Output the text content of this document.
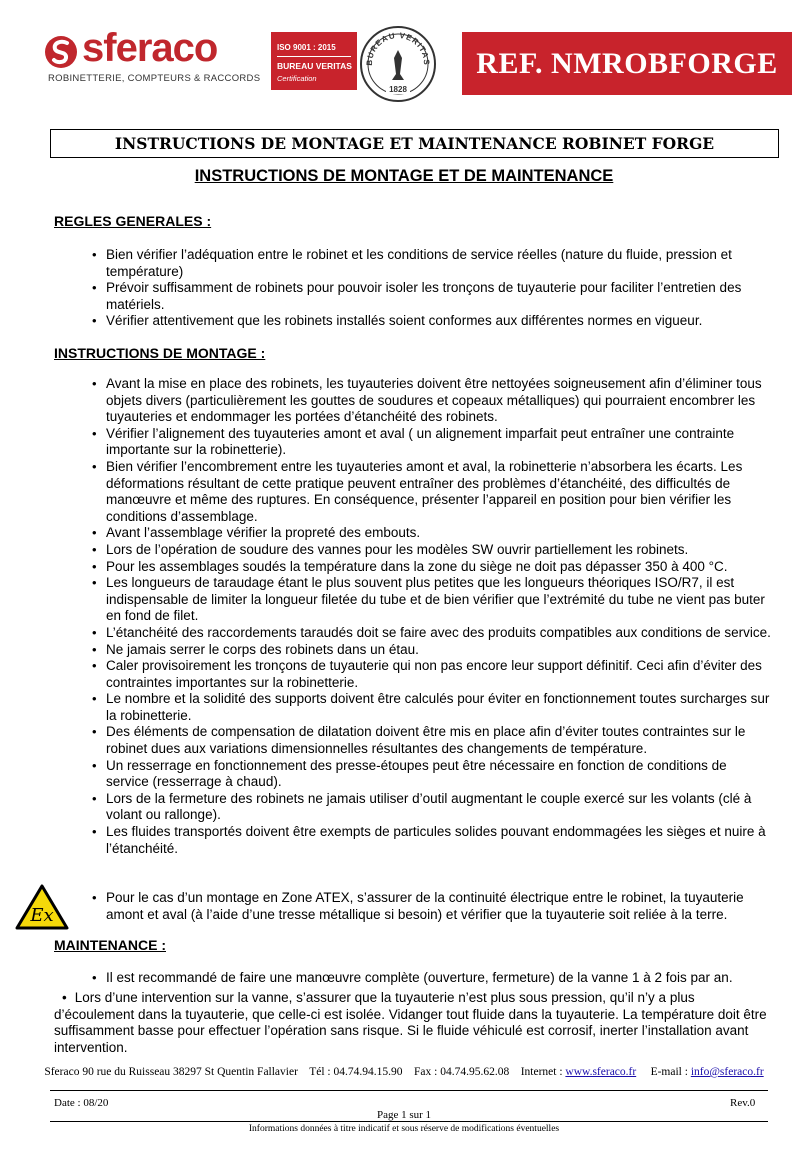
sferaco
ROBINETTERIE, COMPTEURS & RACCORDS
ISO 9001 : 2015
BUREAU VERITAS
Certification
BUREAU VERITAS
1828
REF. NMROBFORGE
INSTRUCTIONS DE MONTAGE ET MAINTENANCE ROBINET FORGE
INSTRUCTIONS DE MONTAGE ET DE MAINTENANCE
REGLES GENERALES :
• Bien vérifier l’adéquation entre le robinet et les conditions de service réelles (nature du fluide, pression et température)
• Prévoir suffisamment de robinets pour pouvoir isoler les tronçons de tuyauterie pour faciliter l’entretien des matériels.
• Vérifier attentivement que les robinets installés soient conformes aux différentes normes en vigueur.
INSTRUCTIONS DE MONTAGE :
• Avant la mise en place des robinets, les tuyauteries doivent être nettoyées soigneusement afin d’éliminer tous objets divers (particulièrement les gouttes de soudures et copeaux métalliques) qui pourraient encombrer les tuyauteries et endommager les portées d’étanchéité des robinets.
• Vérifier l’alignement des tuyauteries amont et aval ( un alignement imparfait peut entraîner une contrainte importante sur la robinetterie).
• Bien vérifier l’encombrement entre les tuyauteries amont et aval, la robinetterie n’absorbera les écarts. Les déformations résultant de cette pratique peuvent entraîner des problèmes d’étanchéité, des difficultés de manœuvre et même des ruptures. En conséquence, présenter l’appareil en position pour bien vérifier les conditions d’assemblage.
• Avant l’assemblage vérifier la propreté des embouts.
• Lors de l’opération de soudure des vannes pour les modèles SW ouvrir partiellement les robinets.
• Pour les assemblages soudés la température dans la zone du siège ne doit pas dépasser 350 à 400 °C.
• Les longueurs de taraudage étant le plus souvent plus petites que les longueurs théoriques ISO/R7, il est indispensable de limiter la longueur filetée du tube et de bien vérifier que l’extrémité du tube ne vient pas buter en fond de filet.
• L’étanchéité des raccordements taraudés doit se faire avec des produits compatibles aux conditions de service.
• Ne jamais serrer le corps des robinets dans un étau.
• Caler provisoirement les tronçons de tuyauterie qui non pas encore leur support définitif. Ceci afin d’éviter des contraintes importantes sur la robinetterie.
• Le nombre et la solidité des supports doivent être calculés pour éviter en fonctionnement toutes surcharges sur la robinetterie.
• Des éléments de compensation de dilatation doivent être mis en place afin d’éviter toutes contraintes sur le robinet dues aux variations dimensionnelles résultantes des changements de température.
• Un resserrage en fonctionnement des presse-étoupes peut être nécessaire en fonction de conditions de service (resserrage à chaud).
• Lors de la fermeture des robinets ne jamais utiliser d’outil augmentant le couple exercé sur les volants (clé à volant ou rallonge).
• Les fluides transportés doivent être exempts de particules solides pouvant endommagées les sièges et nuire à l’étanchéité.
Ex
• Pour le cas d’un montage en Zone ATEX, s’assurer de la continuité électrique entre le robinet, la tuyauterie amont et aval (à l’aide d’une tresse métallique si besoin) et vérifier que la tuyauterie soit reliée à la terre.
MAINTENANCE :
• Il est recommandé de faire une manœuvre complète (ouverture, fermeture) de la vanne 1 à 2 fois par an.
• Lors d’une intervention sur la vanne, s’assurer que la tuyauterie n’est plus sous pression, qu’il n’y a plus d’écoulement dans la tuyauterie, que celle-ci est isolée. Vidanger tout fluide dans la tuyauterie. La température doit être suffisamment basse pour effectuer l’opération sans risque. Si le fluide véhiculé est corrosif, inerter l’installation avant intervention.
Sferaco 90 rue du Ruisseau 38297 St Quentin Fallavier Tél : 04.74.94.15.90 Fax : 04.74.95.62.08 Internet : www.sferaco.fr E-mail : info@sferaco.fr
Date : 08/20	Rev.0
Page 1 sur 1
Informations données à titre indicatif et sous réserve de modifications éventuelles
